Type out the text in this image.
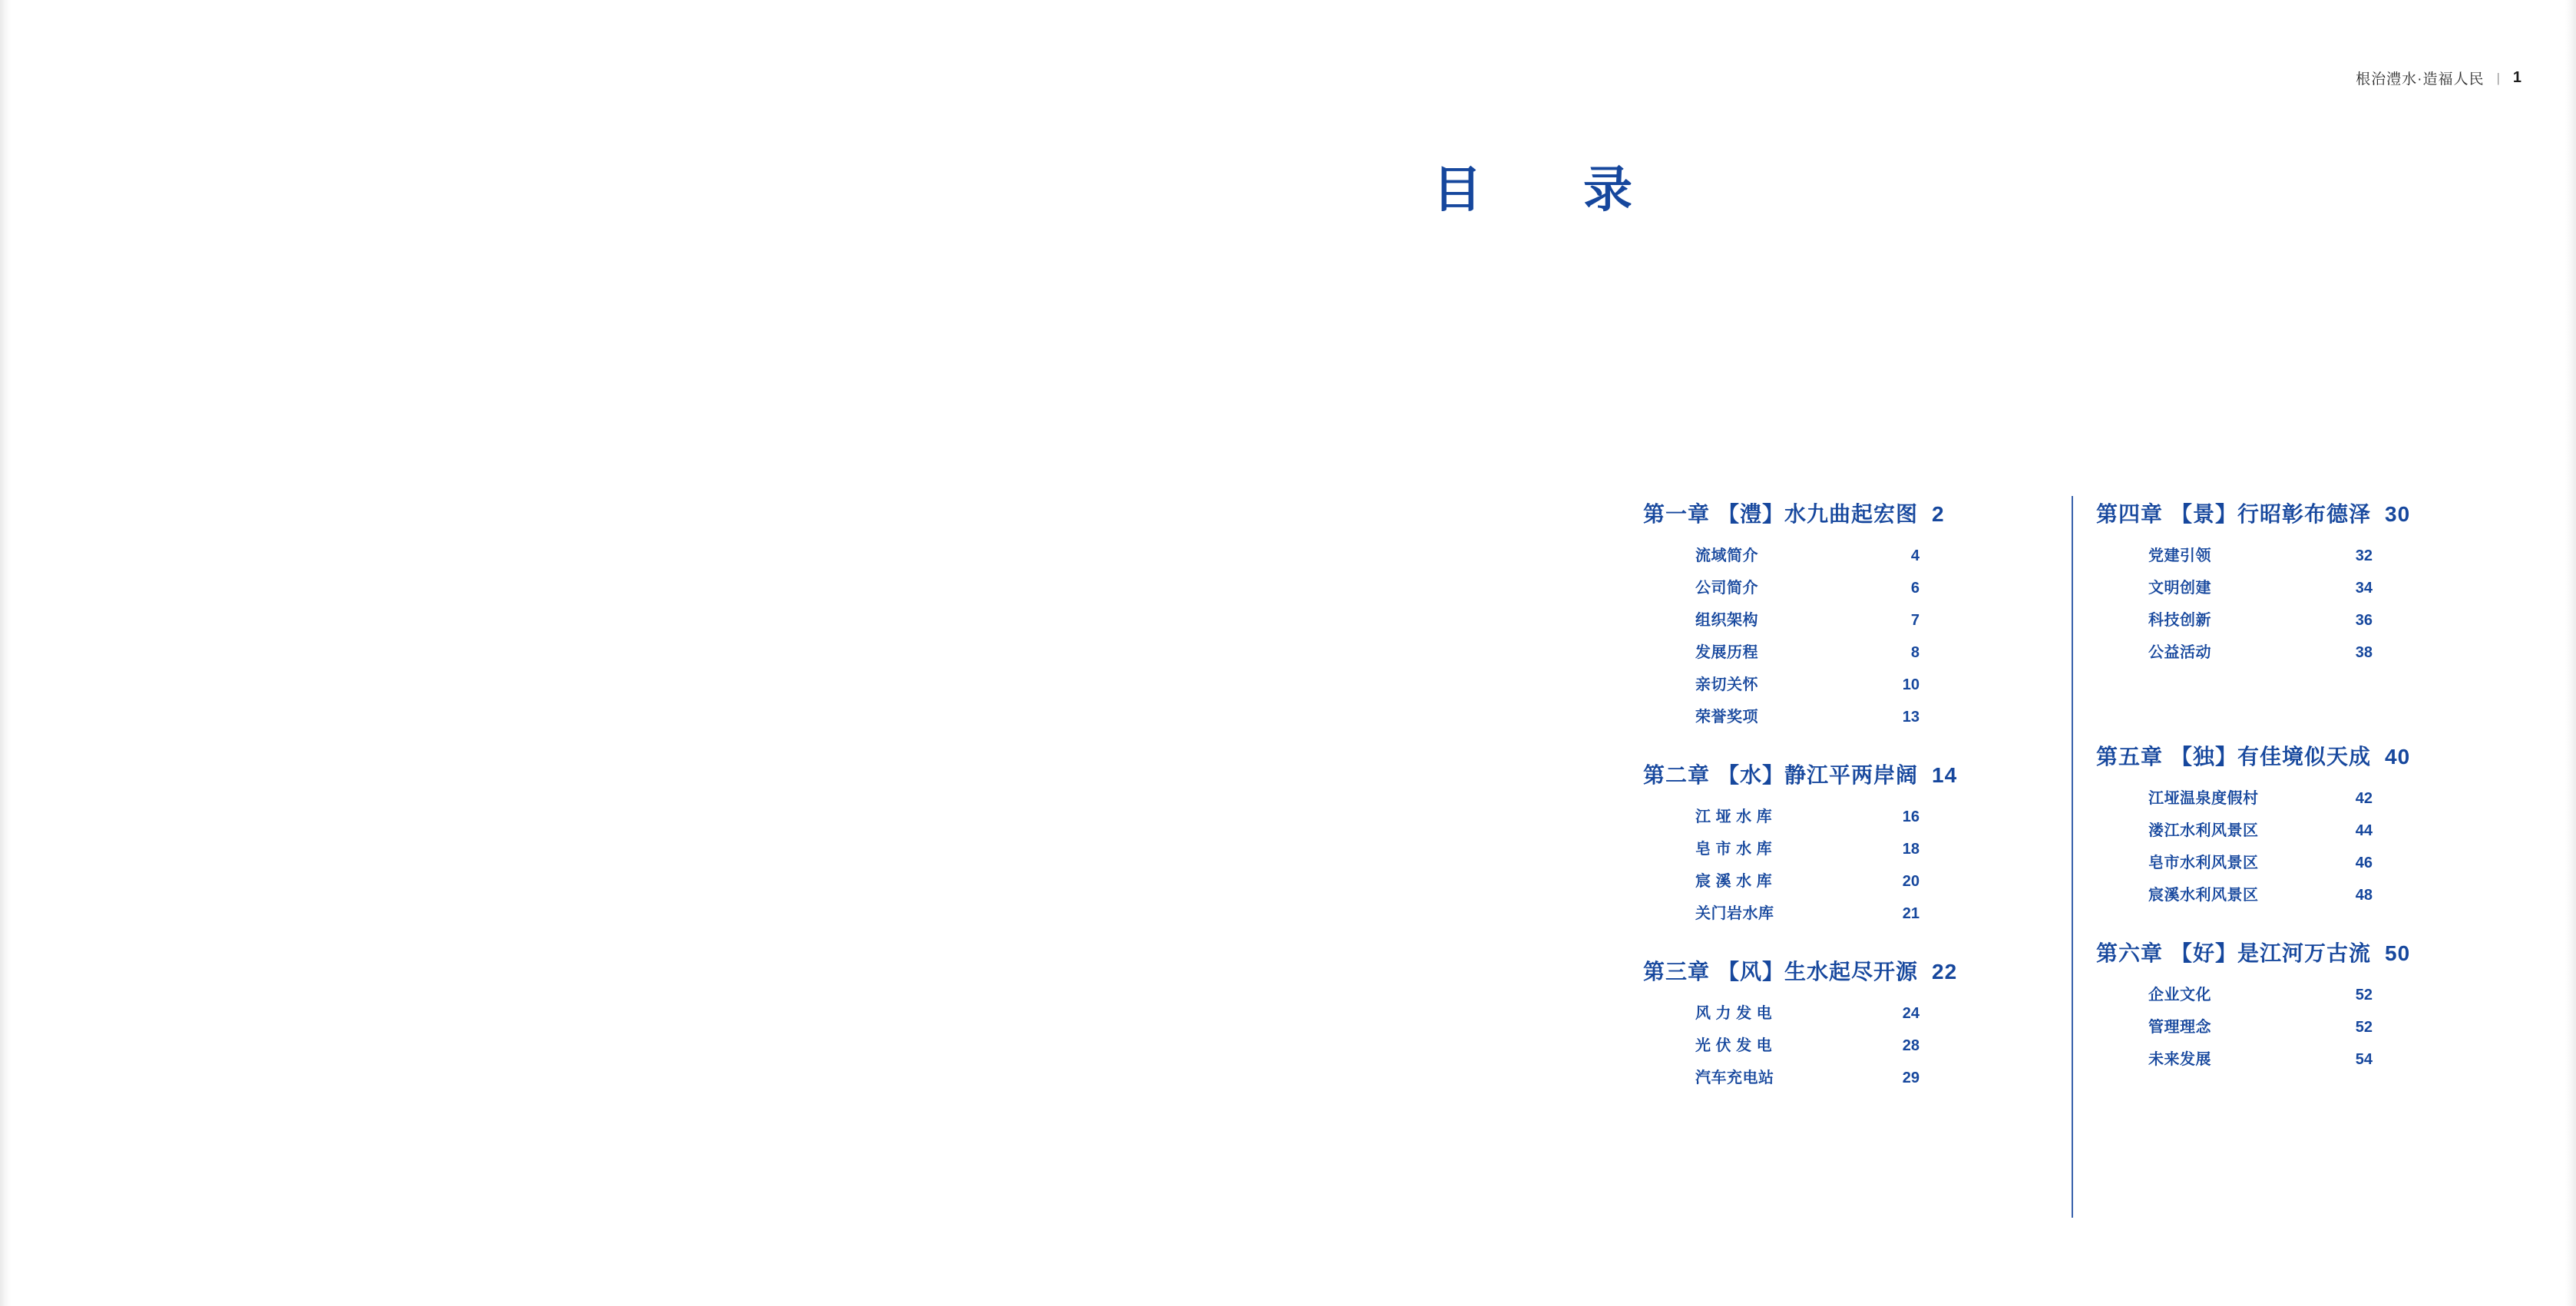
根治澧水·造福人民 | 1
目　录
第一章 【澧】水九曲起宏图 2
流域简介	4
公司简介	6
组织架构	7
发展历程	8
亲切关怀	10
荣誉奖项	13
第二章 【水】静江平两岸阔 14
江 垭 水 库	16
皂 市 水 库	18
宸 溪 水 库	20
关门岩水库	21
第三章 【风】生水起尽开源 22
风 力 发 电	24
光 伏 发 电	28
汽车充电站	29
第四章 【景】行昭彰布德泽 30
党建引领	32
文明创建	34
科技创新	36
公益活动	38
第五章 【独】有佳境似天成 40
江垭温泉度假村	42
溇江水利风景区	44
皂市水利风景区	46
宸溪水利风景区	48
第六章 【好】是江河万古流 50
企业文化	52
管理理念	52
未来发展	54
